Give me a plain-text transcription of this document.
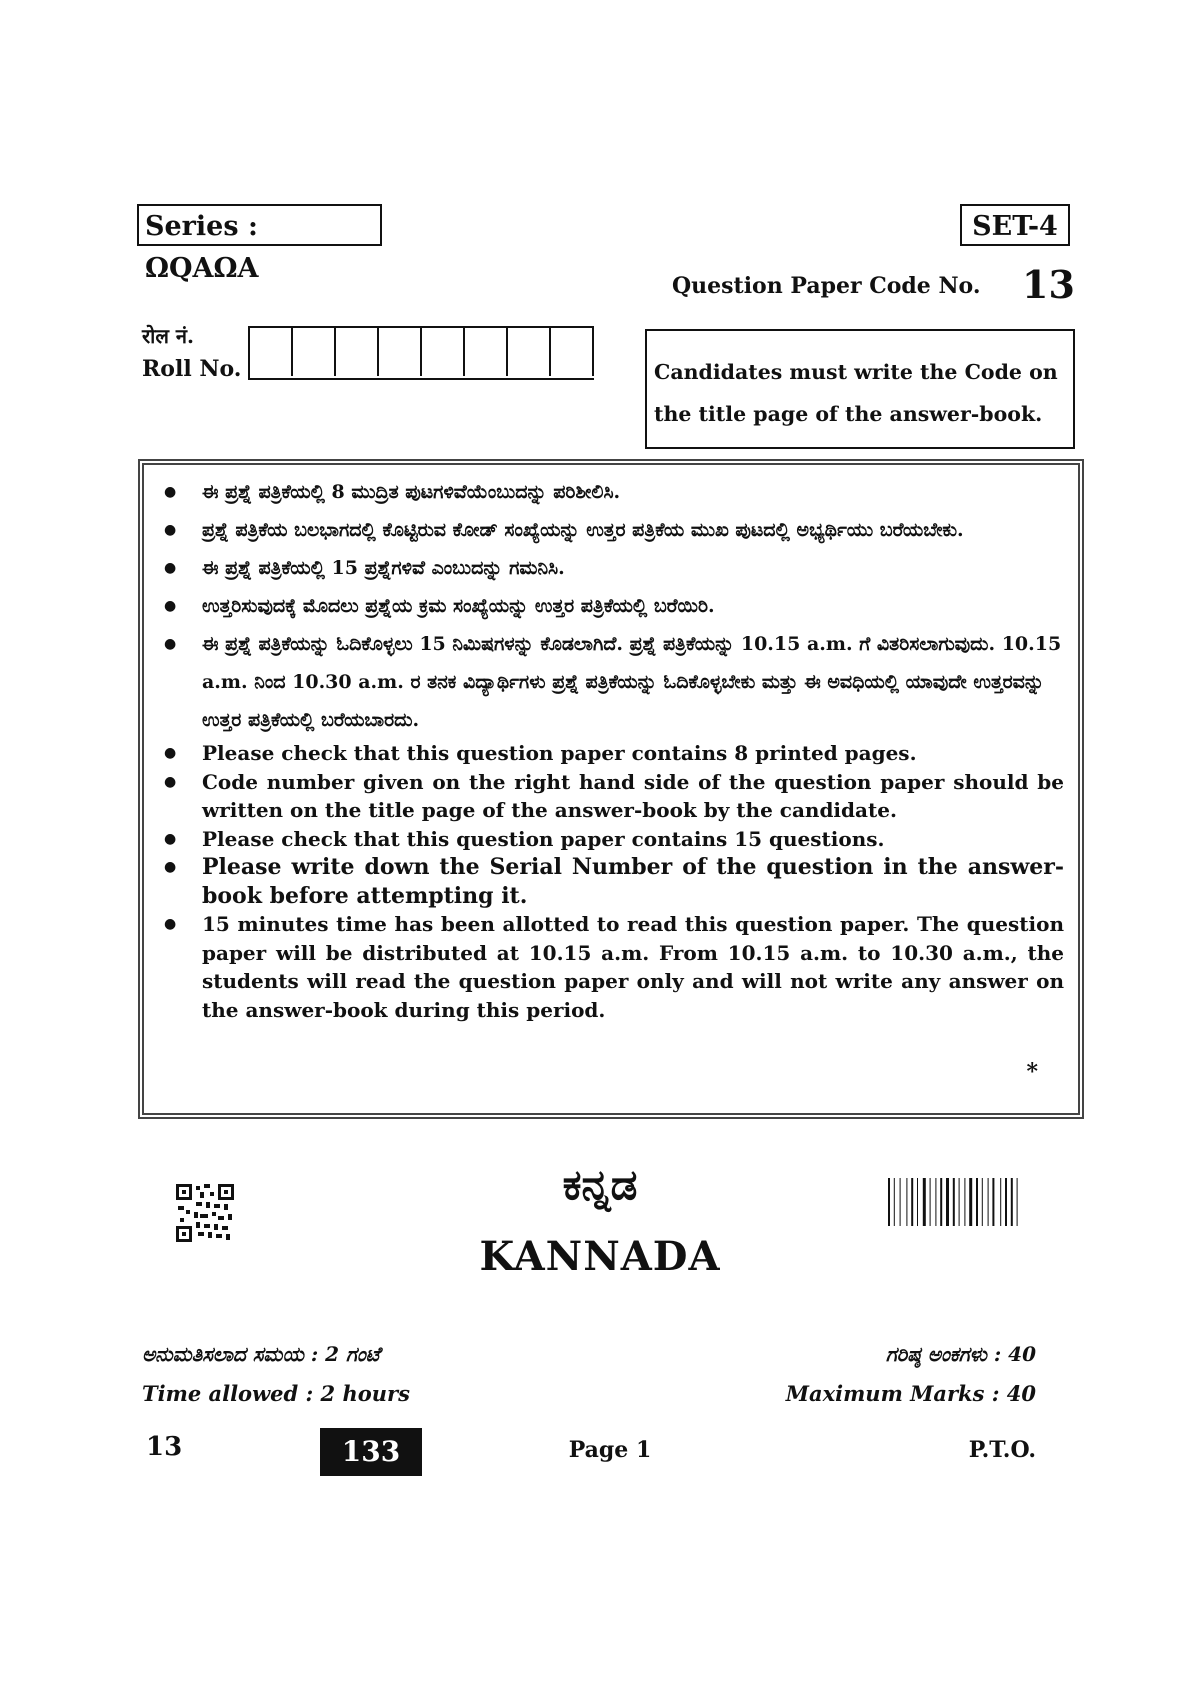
Series : ΩQAΩA
SET-4
Question Paper Code No. 13
रोल नं.
Roll No.	Candidates must write the Code on
the title page of the answer-book.
● ಈ ಪ್ರಶ್ನೆ ಪತ್ರಿಕೆಯಲ್ಲಿ 8 ಮುದ್ರಿತ ಪುಟಗಳಿವೆಯೆಂಬುದನ್ನು ಪರಿಶೀಲಿಸಿ.
● ಪ್ರಶ್ನೆ ಪತ್ರಿಕೆಯ ಬಲಭಾಗದಲ್ಲಿ ಕೊಟ್ಟಿರುವ ಕೋಡ್ ಸಂಖ್ಯೆಯನ್ನು ಉತ್ತರ ಪತ್ರಿಕೆಯ ಮುಖ ಪುಟದಲ್ಲಿ ಅಭ್ಯರ್ಥಿಯು ಬರೆಯಬೇಕು.
● ಈ ಪ್ರಶ್ನೆ ಪತ್ರಿಕೆಯಲ್ಲಿ 15 ಪ್ರಶ್ನೆಗಳಿವೆ ಎಂಬುದನ್ನು ಗಮನಿಸಿ.
● ಉತ್ತರಿಸುವುದಕ್ಕೆ ಮೊದಲು ಪ್ರಶ್ನೆಯ ಕ್ರಮ ಸಂಖ್ಯೆಯನ್ನು ಉತ್ತರ ಪತ್ರಿಕೆಯಲ್ಲಿ ಬರೆಯಿರಿ.
● ಈ ಪ್ರಶ್ನೆ ಪತ್ರಿಕೆಯನ್ನು ಓದಿಕೊಳ್ಳಲು 15 ನಿಮಿಷಗಳನ್ನು ಕೊಡಲಾಗಿದೆ. ಪ್ರಶ್ನೆ ಪತ್ರಿಕೆಯನ್ನು 10.15 a.m. ಗೆ ವಿತರಿಸಲಾಗುವುದು. 10.15 a.m. ನಿಂದ 10.30 a.m. ರ ತನಕ ವಿದ್ಯಾರ್ಥಿಗಳು ಪ್ರಶ್ನೆ ಪತ್ರಿಕೆಯನ್ನು ಓದಿಕೊಳ್ಳಬೇಕು ಮತ್ತು ಈ ಅವಧಿಯಲ್ಲಿ ಯಾವುದೇ ಉತ್ತರವನ್ನು ಉತ್ತರ ಪತ್ರಿಕೆಯಲ್ಲಿ ಬರೆಯಬಾರದು.
● Please check that this question paper contains 8 printed pages.
● Code number given on the right hand side of the question paper should be written on the title page of the answer-book by the candidate.
● Please check that this question paper contains 15 questions.
● Please write down the Serial Number of the question in the answer-book before attempting it.
● 15 minutes time has been allotted to read this question paper. The question paper will be distributed at 10.15 a.m. From 10.15 a.m. to 10.30 a.m., the students will read the question paper only and will not write any answer on the answer-book during this period.
*
ಕನ್ನಡ
KANNADA
ಅನುಮತಿಸಲಾದ ಸಮಯ : 2 ಗಂಟೆ
Time allowed : 2 hours
ಗರಿಷ್ಠ ಅಂಕಗಳು : 40
Maximum Marks : 40
13	133	Page 1	P.T.O.
